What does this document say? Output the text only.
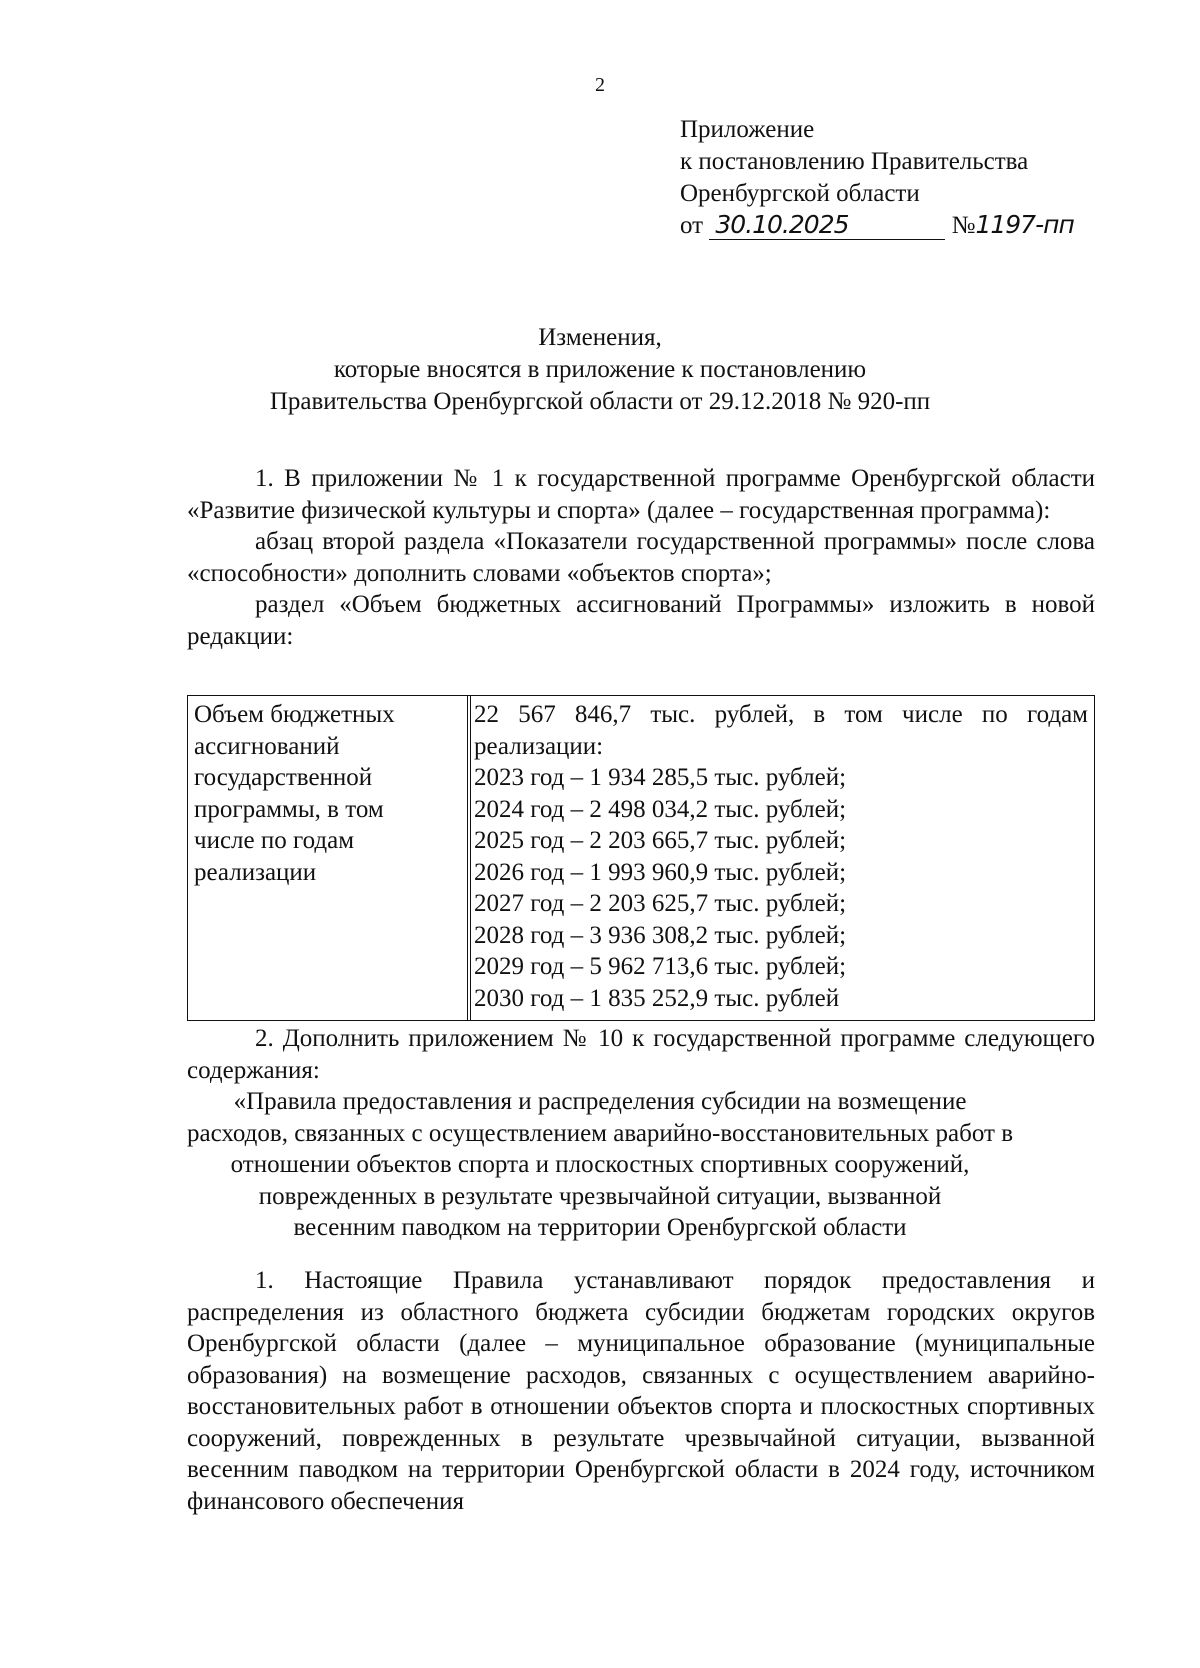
2
Приложение
к постановлению Правительства
Оренбургской области
от 30.10.2025	№1197-пп
Изменения,
которые вносятся в приложение к постановлению
Правительства Оренбургской области от 29.12.2018 № 920-пп

1. В приложении № 1 к государственной программе Оренбургской области «Развитие физической культуры и спорта» (далее – государственная программа):

абзац второй раздела «Показатели государственной программы» после слова «способности» дополнить словами «объектов спорта»;

раздел «Объем бюджетных ассигнований Программы» изложить в новой редакции:

Объем бюджетных
ассигнований
государственной
программы, в том
числе по годам
реализации
22 567 846,7 тыс. рублей, в том числе по годам реализации:
2023 год – 1 934 285,5 тыс. рублей;
2024 год – 2 498 034,2 тыс. рублей;
2025 год – 2 203 665,7 тыс. рублей;
2026 год – 1 993 960,9 тыс. рублей;
2027 год – 2 203 625,7 тыс. рублей;
2028 год – 3 936 308,2 тыс. рублей;
2029 год – 5 962 713,6 тыс. рублей;
2030 год – 1 835 252,9 тыс. рублей

2. Дополнить приложением № 10 к государственной программе следующего содержания:

«Правила предоставления и распределения субсидии на возмещение
расходов, связанных с осуществлением аварийно-восстановительных работ в
отношении объектов спорта и плоскостных спортивных сооружений,
поврежденных в результате чрезвычайной ситуации, вызванной
весенним паводком на территории Оренбургской области

1. Настоящие Правила устанавливают порядок предоставления и распределения из областного бюджета субсидии бюджетам городских округов Оренбургской области (далее – муниципальное образование (муниципальные образования) на возмещение расходов, связанных с осуществлением аварийно-восстановительных работ в отношении объектов спорта и плоскостных спортивных сооружений, поврежденных в результате чрезвычайной ситуации, вызванной весенним паводком на территории Оренбургской области в 2024 году, источником финансового обеспечения
